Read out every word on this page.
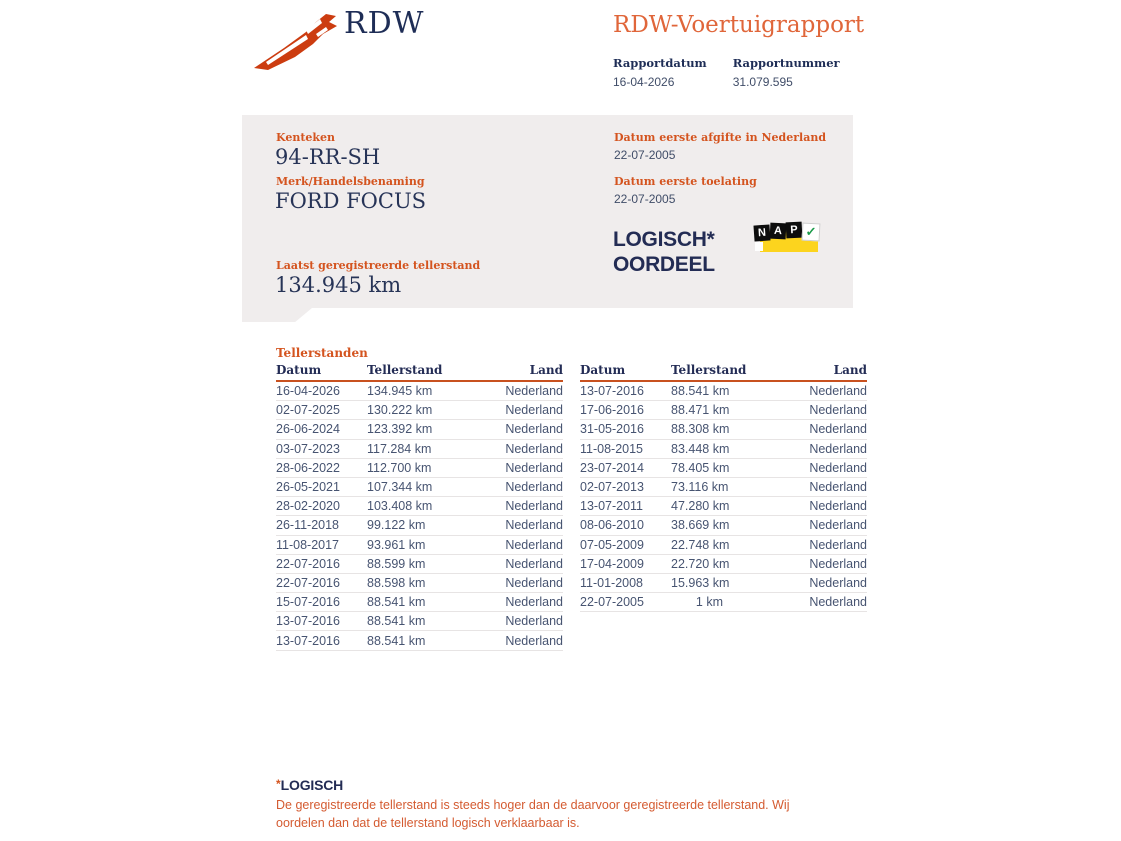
RDW	RDW-Voertuigrapport
Rapportdatum
16-04-2026
Rapportnummer
31.079.595
Kenteken
94-RR-SH
Merk/Handelsbenaming
FORD FOCUS
Laatst geregistreerde tellerstand
134.945 km
Datum eerste afgifte in Nederland
22-07-2005
Datum eerste toelating
22-07-2005
LOGISCH*
OORDEEL
N A P ✓
Tellerstanden
Datum	Tellerstand	Land
16-04-2026	134.945 km	Nederland
02-07-2025	130.222 km	Nederland
26-06-2024	123.392 km	Nederland
03-07-2023	117.284 km	Nederland
28-06-2022	112.700 km	Nederland
26-05-2021	107.344 km	Nederland
28-02-2020	103.408 km	Nederland
26-11-2018	99.122 km	Nederland
11-08-2017	93.961 km	Nederland
22-07-2016	88.599 km	Nederland
22-07-2016	88.598 km	Nederland
15-07-2016	88.541 km	Nederland
13-07-2016	88.541 km	Nederland
13-07-2016	88.541 km	Nederland
Datum	Tellerstand	Land
13-07-2016	88.541 km	Nederland
17-06-2016	88.471 km	Nederland
31-05-2016	88.308 km	Nederland
11-08-2015	83.448 km	Nederland
23-07-2014	78.405 km	Nederland
02-07-2013	73.116 km	Nederland
13-07-2011	47.280 km	Nederland
08-06-2010	38.669 km	Nederland
07-05-2009	22.748 km	Nederland
17-04-2009	22.720 km	Nederland
11-01-2008	15.963 km	Nederland
22-07-2005	1 km	Nederland
*LOGISCH
De geregistreerde tellerstand is steeds hoger dan de daarvoor geregistreerde tellerstand. Wij oordelen dan dat de tellerstand logisch verklaarbaar is.
